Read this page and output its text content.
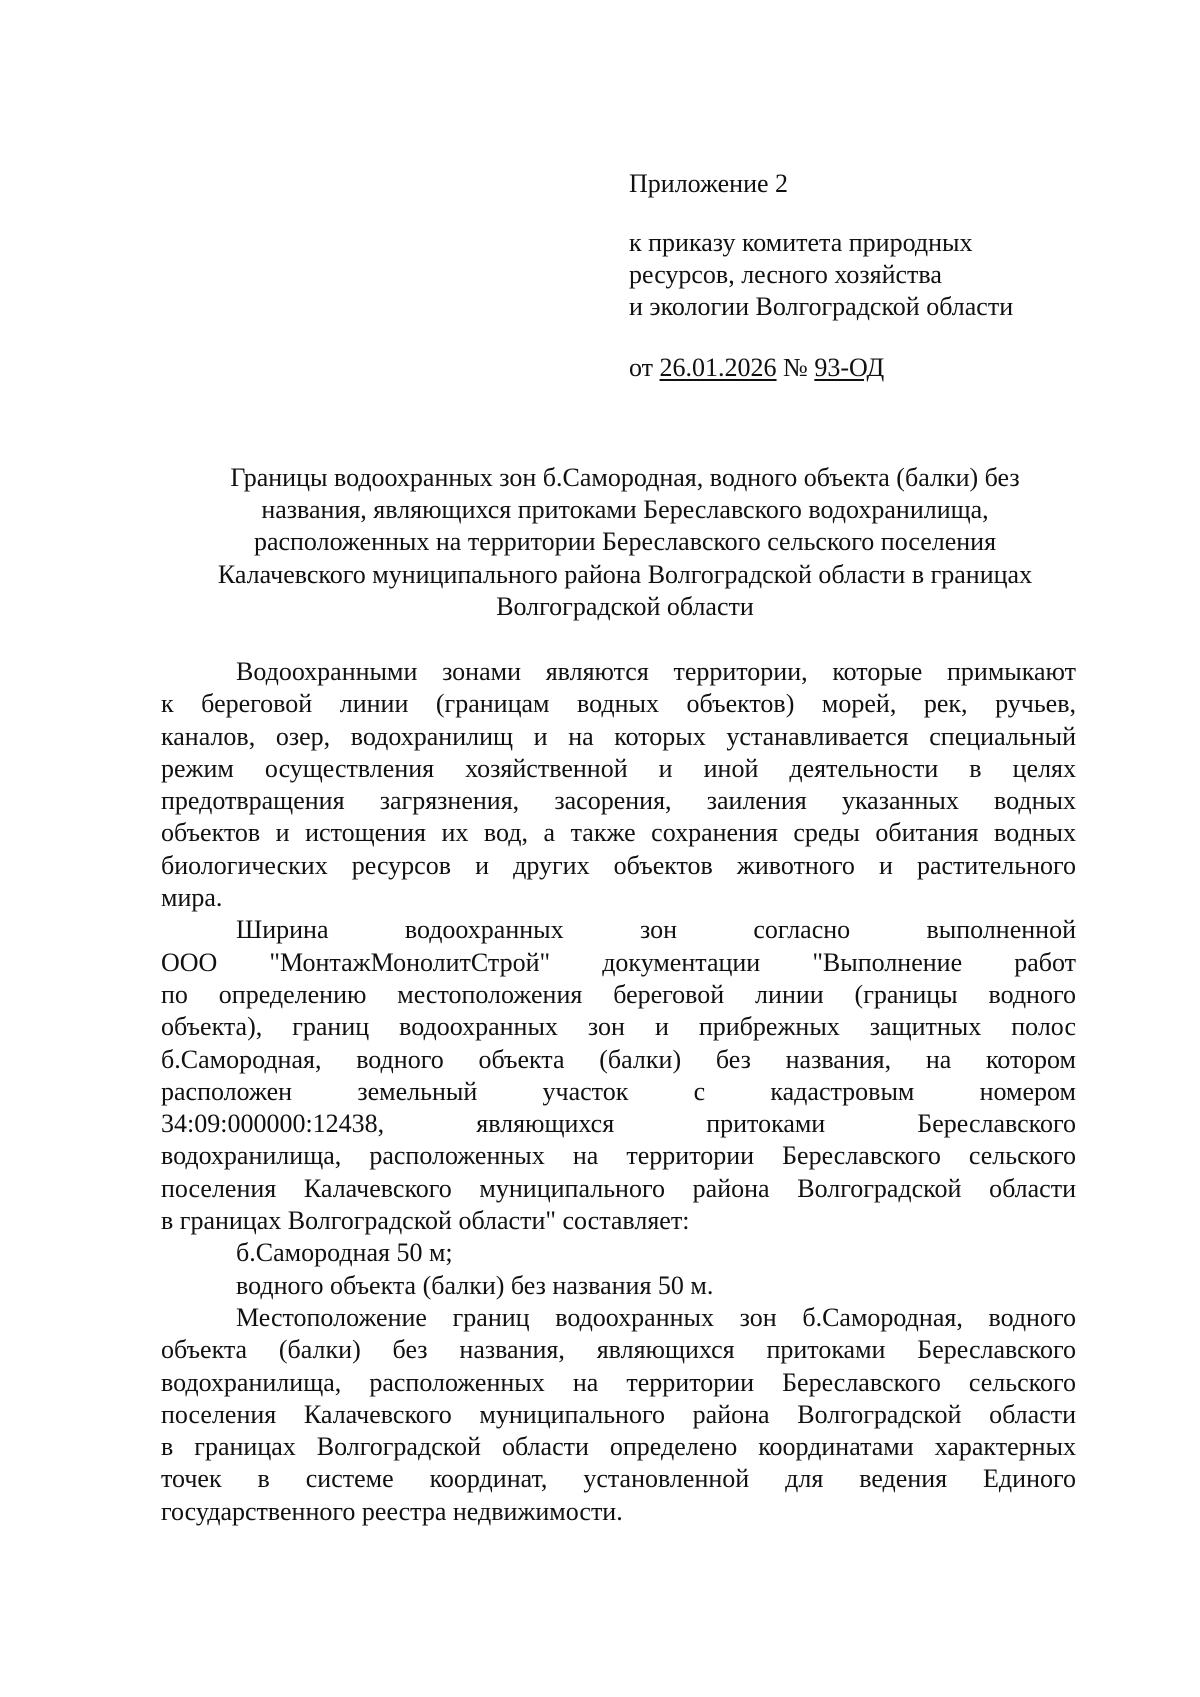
Приложение 2
к приказу комитета природных
ресурсов, лесного хозяйства
и экологии Волгоградской области
от 26.01.2026 № 93-ОД
Границы водоохранных зон б.Самородная, водного объекта (балки) без
названия, являющихся притоками Береславского водохранилища,
расположенных на территории Береславского сельского поселения
Калачевского муниципального района Волгоградской области в границах
Волгоградской области
Водоохранными зонами являются территории, которые примыкают
к береговой линии (границам водных объектов) морей, рек, ручьев,
каналов, озер, водохранилищ и на которых устанавливается специальный
режим осуществления хозяйственной и иной деятельности в целях
предотвращения загрязнения, засорения, заиления указанных водных
объектов и истощения их вод, а также сохранения среды обитания водных
биологических ресурсов и других объектов животного и растительного
мира.
Ширина водоохранных зон согласно выполненной
ООО "МонтажМонолитСтрой" документации "Выполнение работ
по определению местоположения береговой линии (границы водного
объекта), границ водоохранных зон и прибрежных защитных полос
б.Самородная, водного объекта (балки) без названия, на котором
расположен земельный участок с кадастровым номером
34:09:000000:12438, являющихся притоками Береславского
водохранилища, расположенных на территории Береславского сельского
поселения Калачевского муниципального района Волгоградской области
в границах Волгоградской области" составляет:
б.Самородная 50 м;
водного объекта (балки) без названия 50 м.
Местоположение границ водоохранных зон б.Самородная, водного
объекта (балки) без названия, являющихся притоками Береславского
водохранилища, расположенных на территории Береславского сельского
поселения Калачевского муниципального района Волгоградской области
в границах Волгоградской области определено координатами характерных
точек в системе координат, установленной для ведения Единого
государственного реестра недвижимости.
